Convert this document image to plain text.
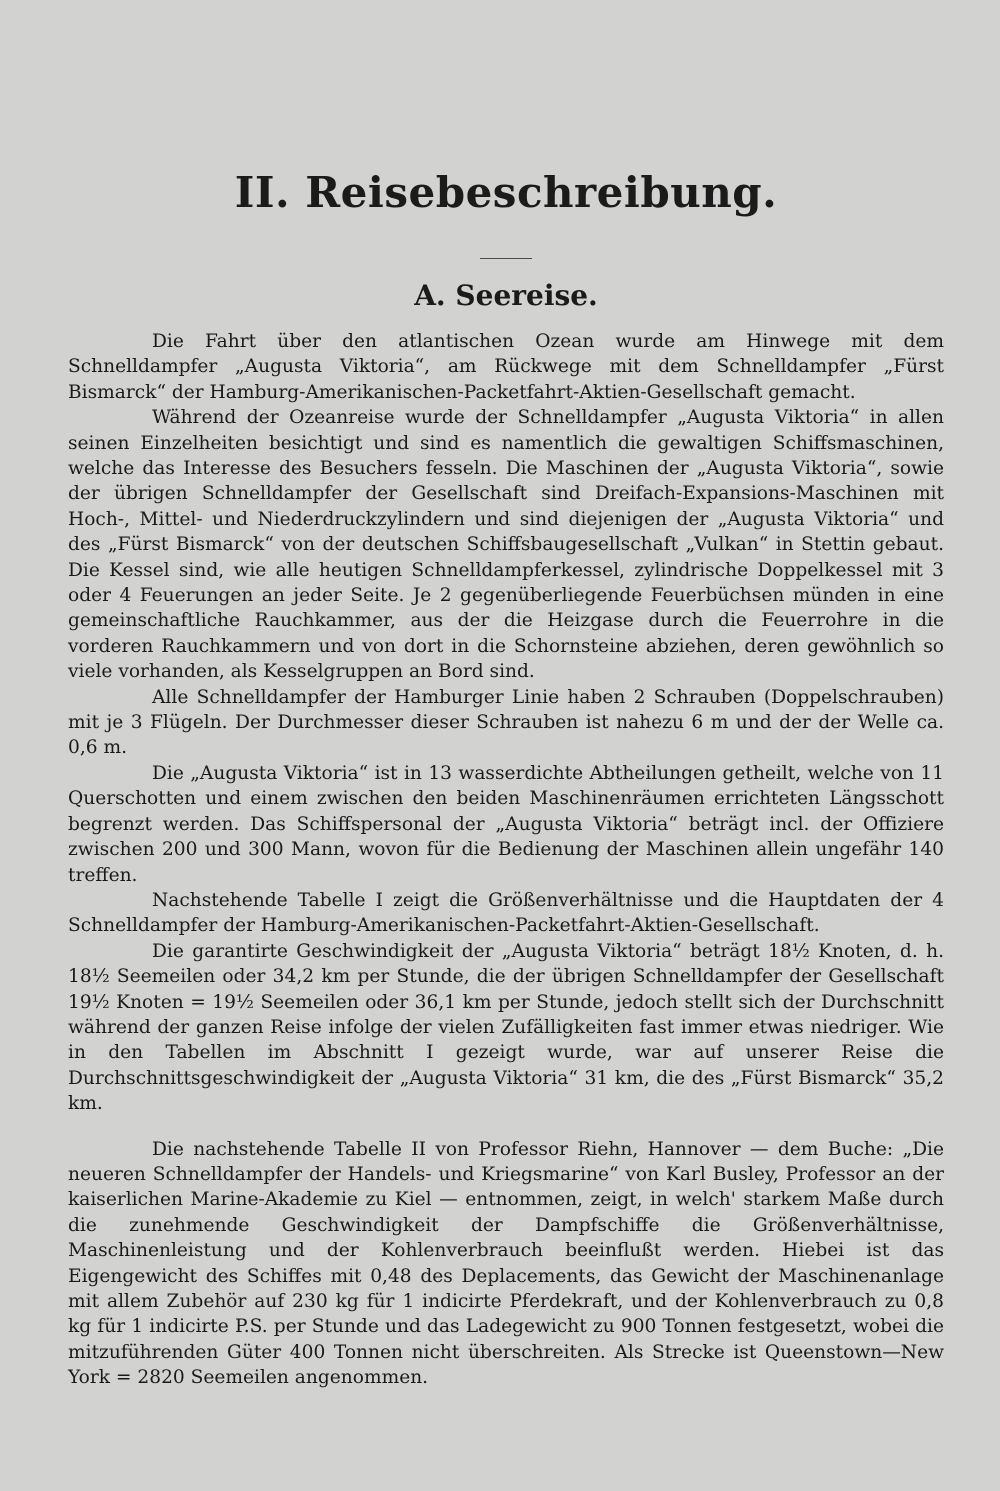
II. Reisebeschreibung.
A. Seereise.

Die Fahrt über den atlantischen Ozean wurde am Hinwege mit dem Schnelldampfer „Augusta Viktoria“, am Rückwege mit dem Schnelldampfer „Fürst Bismarck“ der Hamburg-Amerikanischen-Packetfahrt-Aktien-Gesellschaft gemacht.

Während der Ozeanreise wurde der Schnelldampfer „Augusta Viktoria“ in allen seinen Einzelheiten besichtigt und sind es namentlich die gewaltigen Schiffsmaschinen, welche das Interesse des Besuchers fesseln. Die Maschinen der „Augusta Viktoria“, sowie der übrigen Schnelldampfer der Gesellschaft sind Dreifach-Expansions-Maschinen mit Hoch-, Mittel- und Niederdruckzylindern und sind diejenigen der „Augusta Viktoria“ und des „Fürst Bismarck“ von der deutschen Schiffsbaugesellschaft „Vulkan“ in Stettin gebaut. Die Kessel sind, wie alle heutigen Schnelldampferkessel, zylindrische Doppelkessel mit 3 oder 4 Feuerungen an jeder Seite. Je 2 gegenüberliegende Feuerbüchsen münden in eine gemeinschaftliche Rauchkammer, aus der die Heizgase durch die Feuerrohre in die vorderen Rauchkammern und von dort in die Schornsteine abziehen, deren gewöhnlich so viele vorhanden, als Kesselgruppen an Bord sind.

Alle Schnelldampfer der Hamburger Linie haben 2 Schrauben (Doppelschrauben) mit je 3 Flügeln. Der Durchmesser dieser Schrauben ist nahezu 6 m und der der Welle ca. 0,6 m.

Die „Augusta Viktoria“ ist in 13 wasserdichte Abtheilungen getheilt, welche von 11 Querschotten und einem zwischen den beiden Maschinenräumen errichteten Längsschott begrenzt werden. Das Schiffspersonal der „Augusta Viktoria“ beträgt incl. der Offiziere zwischen 200 und 300 Mann, wovon für die Bedienung der Maschinen allein ungefähr 140 treffen.

Nachstehende Tabelle I zeigt die Größenverhältnisse und die Hauptdaten der 4 Schnelldampfer der Hamburg-Amerikanischen-Packetfahrt-Aktien-Gesellschaft.

Die garantirte Geschwindigkeit der „Augusta Viktoria“ beträgt 18½ Knoten, d. h. 18½ Seemeilen oder 34,2 km per Stunde, die der übrigen Schnelldampfer der Gesellschaft 19½ Knoten = 19½ Seemeilen oder 36,1 km per Stunde, jedoch stellt sich der Durchschnitt während der ganzen Reise infolge der vielen Zufälligkeiten fast immer etwas niedriger. Wie in den Tabellen im Abschnitt I gezeigt wurde, war auf unserer Reise die Durchschnittsgeschwindigkeit der „Augusta Viktoria“ 31 km, die des „Fürst Bismarck“ 35,2 km.

Die nachstehende Tabelle II von Professor Riehn, Hannover — dem Buche: „Die neueren Schnelldampfer der Handels- und Kriegsmarine“ von Karl Busley, Professor an der kaiserlichen Marine-Akademie zu Kiel — entnommen, zeigt, in welch' starkem Maße durch die zunehmende Geschwindigkeit der Dampfschiffe die Größenverhältnisse, Maschinenleistung und der Kohlenverbrauch beeinflußt werden. Hiebei ist das Eigengewicht des Schiffes mit 0,48 des Deplacements, das Gewicht der Maschinenanlage mit allem Zubehör auf 230 kg für 1 indicirte Pferdekraft, und der Kohlenverbrauch zu 0,8 kg für 1 indicirte P.S. per Stunde und das Ladegewicht zu 900 Tonnen festgesetzt, wobei die mitzuführenden Güter 400 Tonnen nicht überschreiten. Als Strecke ist Queenstown—New York = 2820 Seemeilen angenommen.
